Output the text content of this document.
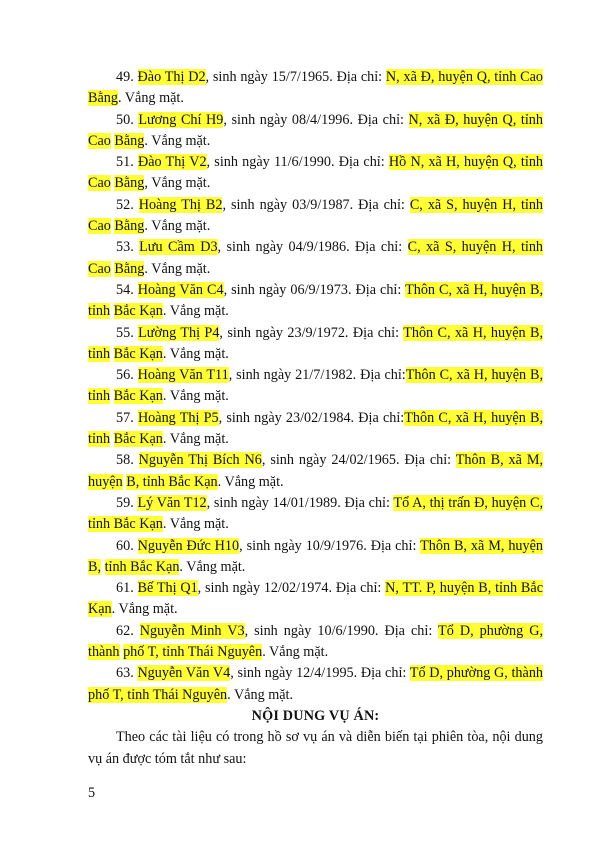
49. Đào Thị D2, sinh ngày 15/7/1965. Địa chỉ: N, xã Đ, huyện Q, tỉnh Cao Bằng. Vắng mặt.

50. Lương Chí H9, sinh ngày 08/4/1996. Địa chỉ: N, xã Đ, huyện Q, tỉnh Cao Bằng. Vắng mặt.

51. Đào Thị V2, sinh ngày 11/6/1990. Địa chỉ: Hồ N, xã H, huyện Q, tỉnh Cao Bằng, Vắng mặt.

52. Hoàng Thị B2, sinh ngày 03/9/1987. Địa chỉ: C, xã S, huyện H, tỉnh Cao Bằng. Vắng mặt.

53. Lưu Cầm D3, sinh ngày 04/9/1986. Địa chỉ: C, xã S, huyện H, tỉnh Cao Bằng. Vắng mặt.

54. Hoàng Văn C4, sinh ngày 06/9/1973. Địa chỉ: Thôn C, xã H, huyện B, tỉnh Bắc Kạn. Vắng mặt.

55. Lường Thị P4, sinh ngày 23/9/1972. Địa chỉ: Thôn C, xã H, huyện B, tỉnh Bắc Kạn. Vắng mặt.

56. Hoàng Văn T11, sinh ngày 21/7/1982. Địa chỉ:Thôn C, xã H, huyện B, tỉnh Bắc Kạn. Vắng mặt.

57. Hoàng Thị P5, sinh ngày 23/02/1984. Địa chỉ:Thôn C, xã H, huyện B, tỉnh Bắc Kạn. Vắng mặt.

58. Nguyễn Thị Bích N6, sinh ngày 24/02/1965. Địa chỉ: Thôn B, xã M, huyện B, tỉnh Bắc Kạn. Vắng mặt.

59. Lý Văn T12, sinh ngày 14/01/1989. Địa chỉ: Tổ A, thị trấn Đ, huyện C, tỉnh Bắc Kạn. Vắng mặt.

60. Nguyễn Đức H10, sinh ngày 10/9/1976. Địa chỉ: Thôn B, xã M, huyện B, tỉnh Bắc Kạn. Vắng mặt.

61. Bế Thị Q1, sinh ngày 12/02/1974. Địa chỉ: N, TT. P, huyện B, tỉnh Bắc Kạn. Vắng mặt.

62. Nguyễn Minh V3, sinh ngày 10/6/1990. Địa chỉ: Tổ D, phường G, thành phố T, tỉnh Thái Nguyên. Vắng mặt.

63. Nguyễn Văn V4, sinh ngày 12/4/1995. Địa chỉ: Tổ D, phường G, thành phố T, tỉnh Thái Nguyên. Vắng mặt.

NỘI DUNG VỤ ÁN:

Theo các tài liệu có trong hồ sơ vụ án và diễn biến tại phiên tòa, nội dung vụ án được tóm tắt như sau:

5
